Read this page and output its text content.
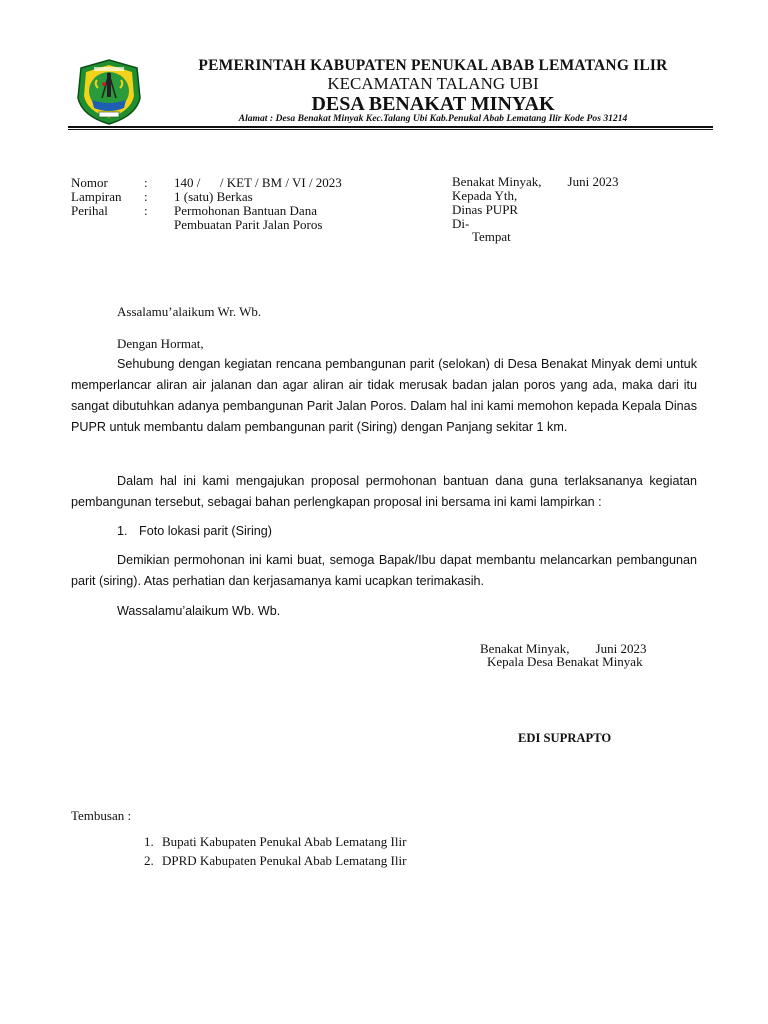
PEMERINTAH KABUPATEN PENUKAL ABAB LEMATANG ILIR
KECAMATAN TALANG UBI
DESA BENAKAT MINYAK
Alamat : Desa Benakat Minyak Kec.Talang Ubi Kab.Penukal Abab Lematang Ilir Kode Pos 31214
Nomor	: 140 /      / KET / BM / VI / 2023
Lampiran : 1 (satu) Berkas
Perihal	: Permohonan Bantuan Dana
Pembuatan Parit Jalan Poros
Benakat Minyak,        Juni 2023
Kepada Yth,
Dinas PUPR
Di-
Tempat
Assalamu’alaikum Wr. Wb.
Dengan Hormat,
Sehubung dengan kegiatan rencana pembangunan parit (selokan) di Desa Benakat Minyak demi untuk memperlancar aliran air jalanan dan agar aliran air tidak merusak badan jalan poros yang ada, maka dari itu sangat dibutuhkan adanya pembangunan Parit Jalan Poros. Dalam hal ini kami memohon kepada Kepala Dinas PUPR untuk membantu dalam pembangunan parit (Siring) dengan Panjang sekitar 1 km.
Dalam hal ini kami mengajukan proposal permohonan bantuan dana guna terlaksananya kegiatan pembangunan tersebut, sebagai bahan perlengkapan proposal ini bersama ini kami lampirkan :
1. Foto lokasi parit (Siring)
Demikian permohonan ini kami buat, semoga Bapak/Ibu dapat membantu melancarkan pembangunan parit (siring). Atas perhatian dan kerjasamanya kami ucapkan terimakasih.
Wassalamu’alaikum Wb. Wb.
Benakat Minyak,        Juni 2023
Kepala Desa Benakat Minyak
EDI SUPRAPTO
Tembusan :
1. Bupati Kabupaten Penukal Abab Lematang Ilir
2. DPRD Kabupaten Penukal Abab Lematang Ilir
